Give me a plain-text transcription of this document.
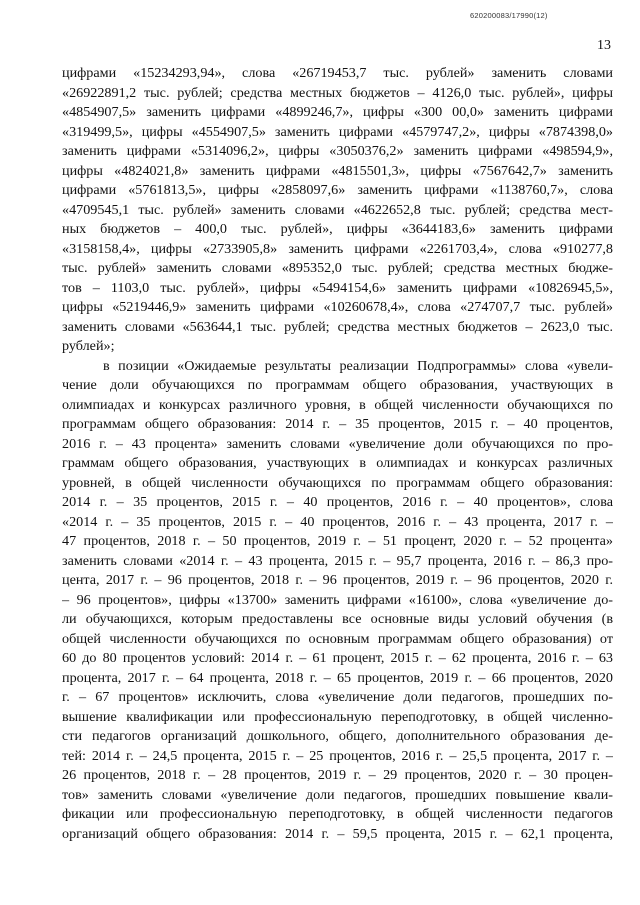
620200083/17990(12)
13
цифрами «15234293,94», слова «26719453,7 тыс. рублей» заменить словами
«26922891,2 тыс. рублей; средства местных бюджетов – 4126,0 тыс. рублей», цифры
«4854907,5» заменить цифрами «4899246,7», цифры «300 00,0» заменить цифрами
«319499,5», цифры «4554907,5» заменить цифрами «4579747,2», цифры «7874398,0»
заменить цифрами «5314096,2», цифры «3050376,2» заменить цифрами «498594,9»,
цифры «4824021,8» заменить цифрами «4815501,3», цифры «7567642,7» заменить
цифрами «5761813,5», цифры «2858097,6» заменить цифрами «1138760,7», слова
«4709545,1 тыс. рублей» заменить словами «4622652,8 тыс. рублей; средства мест-
ных бюджетов – 400,0 тыс. рублей», цифры «3644183,6» заменить цифрами
«3158158,4», цифры «2733905,8» заменить цифрами «2261703,4», слова «910277,8
тыс. рублей» заменить словами «895352,0 тыс. рублей; средства местных бюдже-
тов – 1103,0 тыс. рублей», цифры «5494154,6» заменить цифрами «10826945,5»,
цифры «5219446,9» заменить цифрами «10260678,4», слова «274707,7 тыс. рублей»
заменить словами «563644,1 тыс. рублей; средства местных бюджетов – 2623,0 тыс.
рублей»;
в позиции «Ожидаемые результаты реализации Подпрограммы» слова «увели-
чение доли обучающихся по программам общего образования, участвующих в
олимпиадах и конкурсах различного уровня, в общей численности обучающихся по
программам общего образования: 2014 г. – 35 процентов, 2015 г. – 40 процентов,
2016 г. – 43 процента» заменить словами «увеличение доли обучающихся по про-
граммам общего образования, участвующих в олимпиадах и конкурсах различных
уровней, в общей численности обучающихся по программам общего образования:
2014 г. – 35 процентов, 2015 г. – 40 процентов, 2016 г. – 40 процентов», слова
«2014 г. – 35 процентов, 2015 г. – 40 процентов, 2016 г. – 43 процента, 2017 г. –
47 процентов, 2018 г. – 50 процентов, 2019 г. – 51 процент, 2020 г. – 52 процента»
заменить словами «2014 г. – 43 процента, 2015 г. – 95,7 процента, 2016 г. – 86,3 про-
цента, 2017 г. – 96 процентов, 2018 г. – 96 процентов, 2019 г. – 96 процентов, 2020 г.
– 96 процентов», цифры «13700» заменить цифрами «16100», слова «увеличение до-
ли обучающихся, которым предоставлены все основные виды условий обучения (в
общей численности обучающихся по основным программам общего образования) от
60 до 80 процентов условий: 2014 г. – 61 процент, 2015 г. – 62 процента, 2016 г. – 63
процента, 2017 г. – 64 процента, 2018 г. – 65 процентов, 2019 г. – 66 процентов, 2020
г. – 67 процентов» исключить, слова «увеличение доли педагогов, прошедших по-
вышение квалификации или профессиональную переподготовку, в общей численно-
сти педагогов организаций дошкольного, общего, дополнительного образования де-
тей: 2014 г. – 24,5 процента, 2015 г. – 25 процентов, 2016 г. – 25,5 процента, 2017 г. –
26 процентов, 2018 г. – 28 процентов, 2019 г. – 29 процентов, 2020 г. – 30 процен-
тов» заменить словами «увеличение доли педагогов, прошедших повышение квали-
фикации или профессиональную переподготовку, в общей численности педагогов
организаций общего образования: 2014 г. – 59,5 процента, 2015 г. – 62,1 процента,
